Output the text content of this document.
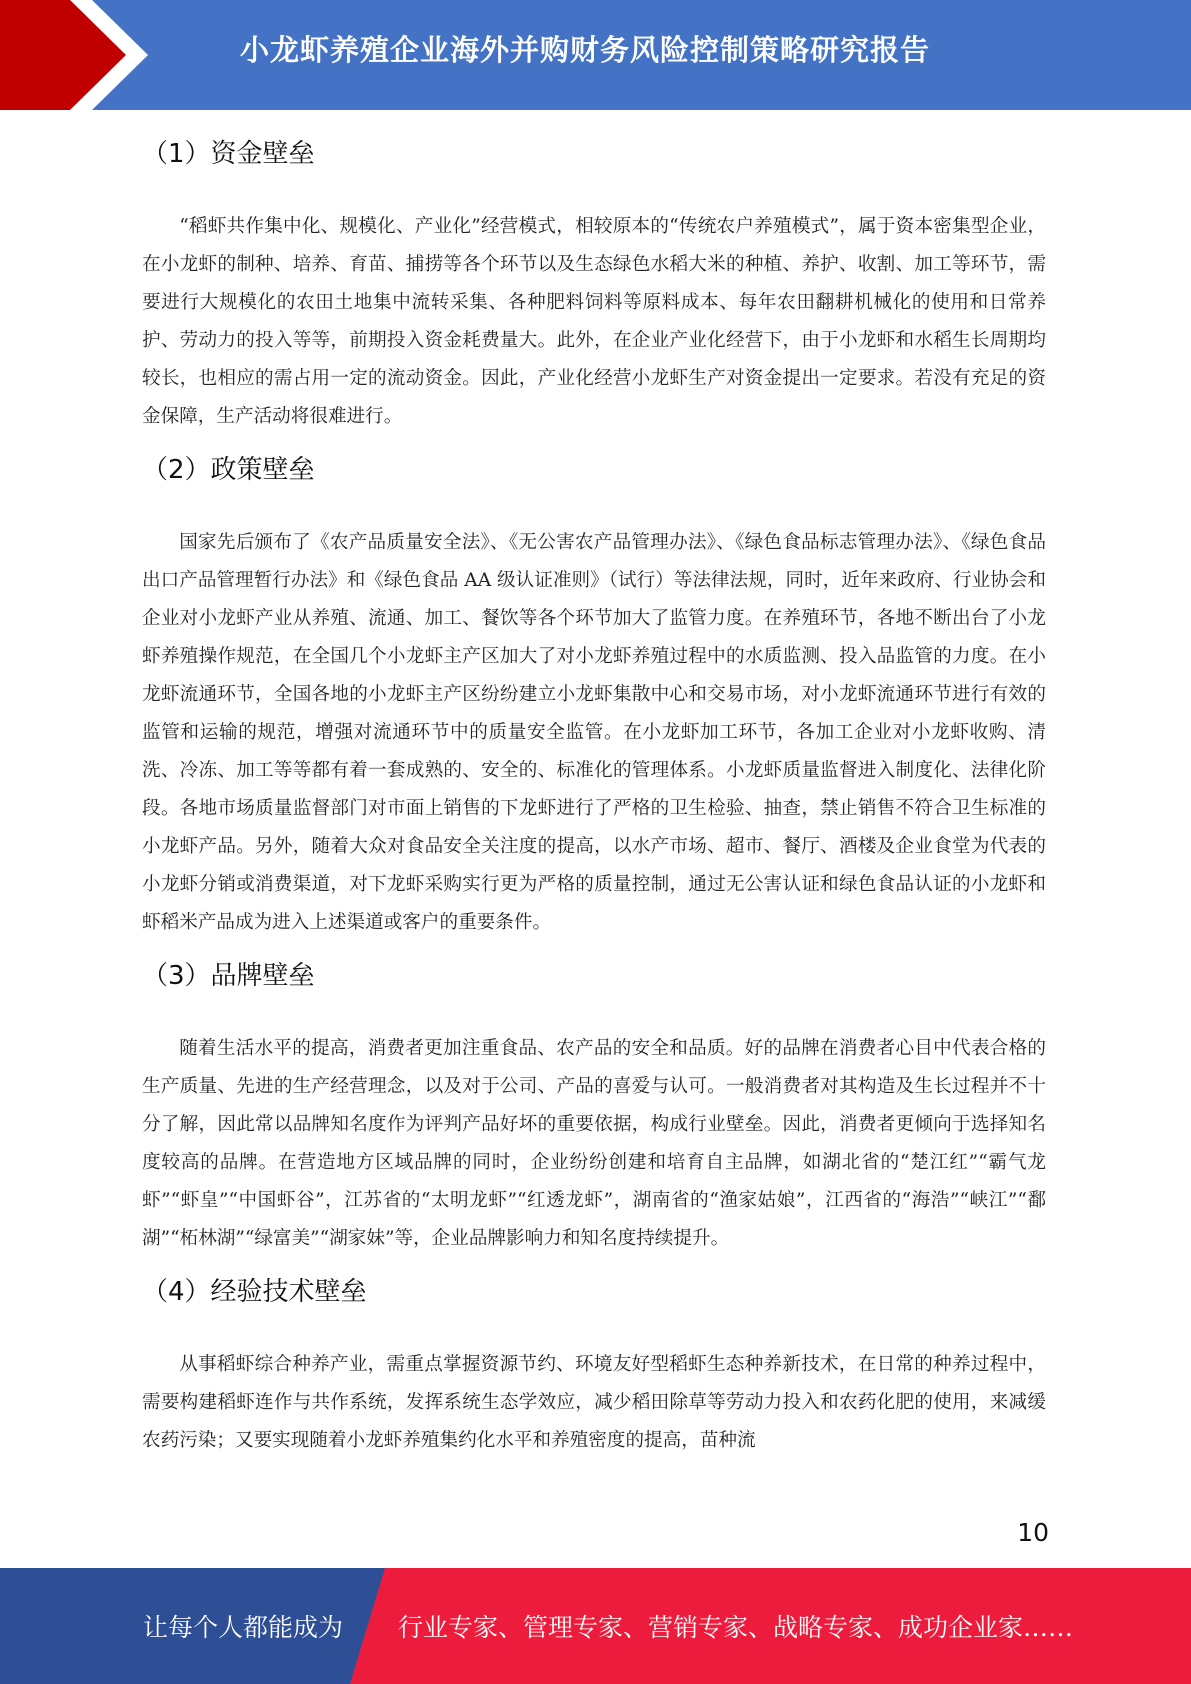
小龙虾养殖企业海外并购财务风险控制策略研究报告
（1）资金壁垒

“稻虾共作集中化、规模化、产业化”经营模式，相较原本的“传统农户养殖模式”，属于资本密集型企业，在小龙虾的制种、培养、育苗、捕捞等各个环节以及生态绿色水稻大米的种植、养护、收割、加工等环节，需要进行大规模化的农田土地集中流转采集、各种肥料饲料等原料成本、每年农田翻耕机械化的使用和日常养护、劳动力的投入等等，前期投入资金耗费量大。此外，在企业产业化经营下，由于小龙虾和水稻生长周期均较长，也相应的需占用一定的流动资金。因此，产业化经营小龙虾生产对资金提出一定要求。若没有充足的资金保障，生产活动将很难进行。

（2）政策壁垒

国家先后颁布了《农产品质量安全法》、《无公害农产品管理办法》、《绿色食品标志管理办法》、《绿色食品出口产品管理暂行办法》和《绿色食品 AA 级认证准则》（试行）等法律法规，同时，近年来政府、行业协会和企业对小龙虾产业从养殖、流通、加工、餐饮等各个环节加大了监管力度。在养殖环节，各地不断出台了小龙虾养殖操作规范，在全国几个小龙虾主产区加大了对小龙虾养殖过程中的水质监测、投入品监管的力度。在小龙虾流通环节，全国各地的小龙虾主产区纷纷建立小龙虾集散中心和交易市场，对小龙虾流通环节进行有效的监管和运输的规范，增强对流通环节中的质量安全监管。在小龙虾加工环节，各加工企业对小龙虾收购、清洗、冷冻、加工等等都有着一套成熟的、安全的、标准化的管理体系。小龙虾质量监督进入制度化、法律化阶段。各地市场质量监督部门对市面上销售的下龙虾进行了严格的卫生检验、抽查，禁止销售不符合卫生标准的小龙虾产品。另外，随着大众对食品安全关注度的提高，以水产市场、超市、餐厅、酒楼及企业食堂为代表的小龙虾分销或消费渠道，对下龙虾采购实行更为严格的质量控制，通过无公害认证和绿色食品认证的小龙虾和虾稻米产品成为进入上述渠道或客户的重要条件。

（3）品牌壁垒

随着生活水平的提高，消费者更加注重食品、农产品的安全和品质。好的品牌在消费者心目中代表合格的生产质量、先进的生产经营理念，以及对于公司、产品的喜爱与认可。一般消费者对其构造及生长过程并不十分了解，因此常以品牌知名度作为评判产品好坏的重要依据，构成行业壁垒。因此，消费者更倾向于选择知名度较高的品牌。在营造地方区域品牌的同时，企业纷纷创建和培育自主品牌，如湖北省的“楚江红”“霸气龙虾”“虾皇”“中国虾谷”，江苏省的“太明龙虾”“红透龙虾”，湖南省的“渔家姑娘”，江西省的“海浩”“峡江”“鄱湖”“柘林湖”“绿富美”“湖家妹”等，企业品牌影响力和知名度持续提升。

（4）经验技术壁垒

从事稻虾综合种养产业，需重点掌握资源节约、环境友好型稻虾生态种养新技术，在日常的种养过程中，需要构建稻虾连作与共作系统，发挥系统生态学效应，减少稻田除草等劳动力投入和农药化肥的使用，来减缓农药污染；又要实现随着小龙虾养殖集约化水平和养殖密度的提高，苗种流

10
让每个人都能成为 行业专家、管理专家、营销专家、战略专家、成功企业家……
